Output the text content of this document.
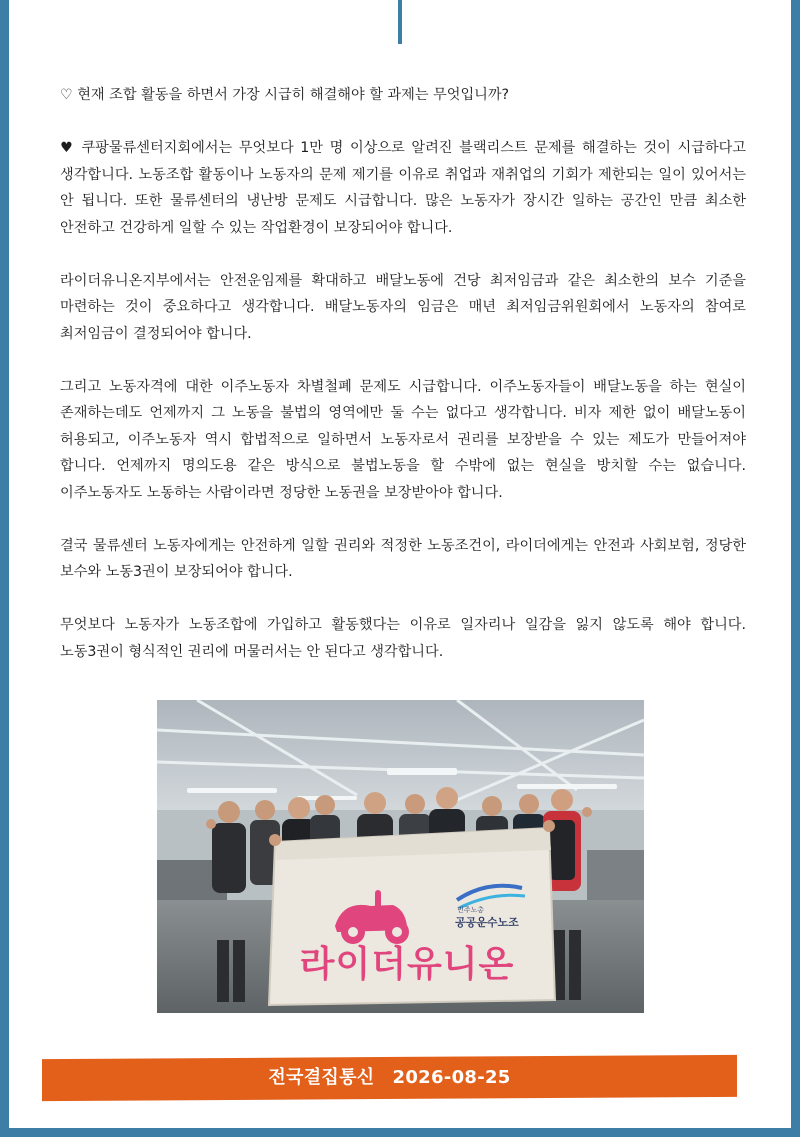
♡ 현재 조합 활동을 하면서 가장 시급히 해결해야 할 과제는 무엇입니까?

♥ 쿠팡물류센터지회에서는 무엇보다 1만 명 이상으로 알려진 블랙리스트 문제를 해결하는 것이 시급하다고 생각합니다. 노동조합 활동이나 노동자의 문제 제기를 이유로 취업과 재취업의 기회가 제한되는 일이 있어서는 안 됩니다. 또한 물류센터의 냉난방 문제도 시급합니다. 많은 노동자가 장시간 일하는 공간인 만큼 최소한 안전하고 건강하게 일할 수 있는 작업환경이 보장되어야 합니다.

라이더유니온지부에서는 안전운임제를 확대하고 배달노동에 건당 최저임금과 같은 최소한의 보수 기준을 마련하는 것이 중요하다고 생각합니다. 배달노동자의 임금은 매년 최저임금위원회에서 노동자의 참여로 최저임금이 결정되어야 합니다.

그리고 노동자격에 대한 이주노동자 차별철폐 문제도 시급합니다. 이주노동자들이 배달노동을 하는 현실이 존재하는데도 언제까지 그 노동을 불법의 영역에만 둘 수는 없다고 생각합니다. 비자 제한 없이 배달노동이 허용되고, 이주노동자 역시 합법적으로 일하면서 노동자로서 권리를 보장받을 수 있는 제도가 만들어져야 합니다. 언제까지 명의도용 같은 방식으로 불법노동을 할 수밖에 없는 현실을 방치할 수는 없습니다. 이주노동자도 노동하는 사람이라면 정당한 노동권을 보장받아야 합니다.

결국 물류센터 노동자에게는 안전하게 일할 권리와 적정한 노동조건이, 라이더에게는 안전과 사회보험, 정당한 보수와 노동3권이 보장되어야 합니다.

무엇보다 노동자가 노동조합에 가입하고 활동했다는 이유로 일자리나 일감을 잃지 않도록 해야 합니다. 노동3권이 형식적인 권리에 머물러서는 안 된다고 생각합니다.

민주노총
공공운수노조
라이더유니온
전국결집통신 2026-08-25
